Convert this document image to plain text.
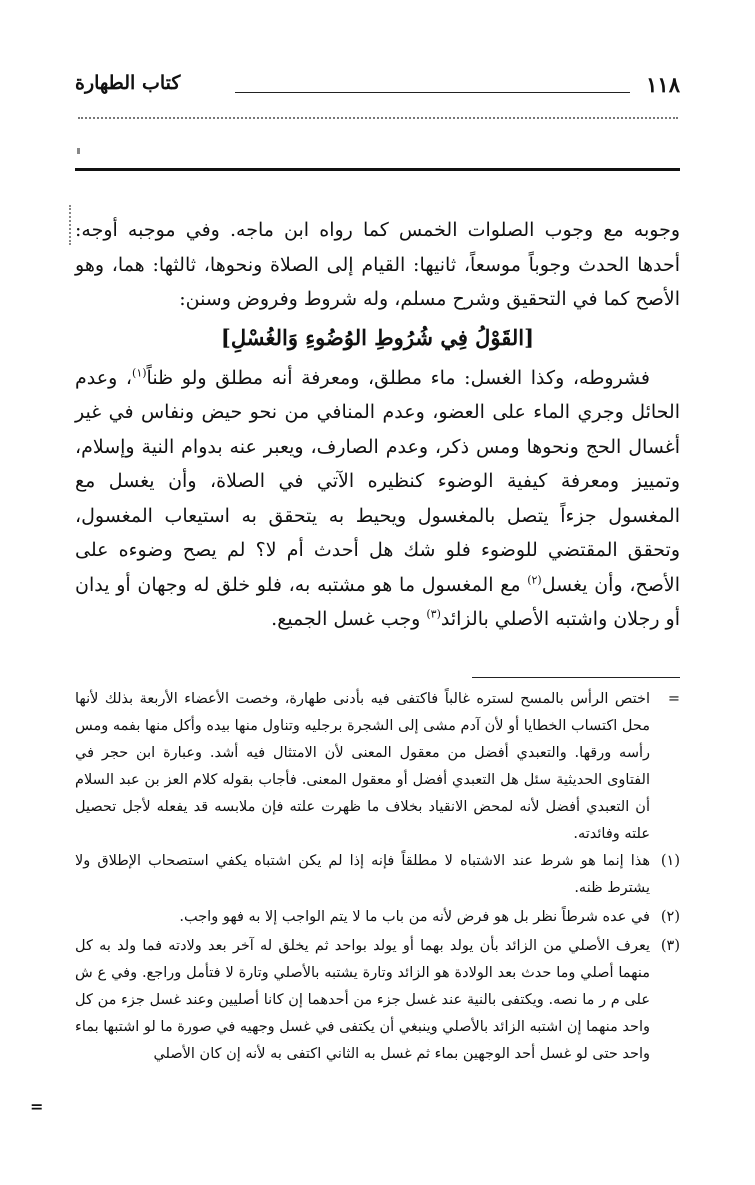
١١٨
كتاب الطهارة

وجوبه مع وجوب الصلوات الخمس كما رواه ابن ماجه. وفي موجبه أوجه: أحدها الحدث وجوباً موسعاً، ثانيها: القيام إلى الصلاة ونحوها، ثالثها: هما، وهو الأصح كما في التحقيق وشرح مسلم، وله شروط وفروض وسنن:

[القَوْلُ فِي شُرُوطِ الوُضُوءِ وَالغُسْلِ]

فشروطه، وكذا الغسل: ماء مطلق، ومعرفة أنه مطلق ولو ظناً$^{(١)}$، وعدم الحائل وجري الماء على العضو، وعدم المنافي من نحو حيض ونفاس في غير أغسال الحج ونحوها ومس ذكر، وعدم الصارف، ويعبر عنه بدوام النية وإسلام، وتمييز ومعرفة كيفية الوضوء كنظيره الآتي في الصلاة، وأن يغسل مع المغسول جزءاً يتصل بالمغسول ويحيط به يتحقق به استيعاب المغسول، وتحقق المقتضي للوضوء فلو شك هل أحدث أم لا؟ لم يصح وضوءه على الأصح، وأن يغسل$^{(٢)}$ مع المغسول ما هو مشتبه به، فلو خلق له وجهان أو يدان أو رجلان واشتبه الأصلي بالزائد$^{(٣)}$ وجب غسل الجميع.

=
اختص الرأس بالمسح لستره غالباً فاكتفى فيه بأدنى طهارة، وخصت الأعضاء الأربعة بذلك لأنها محل اكتساب الخطايا أو لأن آدم مشى إلى الشجرة برجليه وتناول منها بيده وأكل منها بفمه ومس رأسه ورقها. والتعبدي أفضل من معقول المعنى لأن الامتثال فيه أشد. وعبارة ابن حجر في الفتاوى الحديثية سئل هل التعبدي أفضل أو معقول المعنى. فأجاب بقوله كلام العز بن عبد السلام أن التعبدي أفضل لأنه لمحض الانقياد بخلاف ما ظهرت علته فإن ملابسه قد يفعله لأجل تحصيل علته وفائدته.
(١)
هذا إنما هو شرط عند الاشتباه لا مطلقاً فإنه إذا لم يكن اشتباه يكفي استصحاب الإطلاق ولا يشترط ظنه.
(٢)
في عده شرطاً نظر بل هو فرض لأنه من باب ما لا يتم الواجب إلا به فهو واجب.
(٣)
يعرف الأصلي من الزائد بأن يولد بهما أو يولد بواحد ثم يخلق له آخر بعد ولادته فما ولد به كل منهما أصلي وما حدث بعد الولادة هو الزائد وتارة يشتبه بالأصلي وتارة لا فتأمل وراجع. وفي ع ش على م ر ما نصه. ويكتفى بالنية عند غسل جزء من أحدهما إن كانا أصليين وعند غسل جزء من كل واحد منهما إن اشتبه الزائد بالأصلي وينبغي أن يكتفى في غسل وجهيه في صورة ما لو اشتبها بماء واحد حتى لو غسل أحد الوجهين بماء ثم غسل به الثاني اكتفى به لأنه إن كان الأصلي
=
